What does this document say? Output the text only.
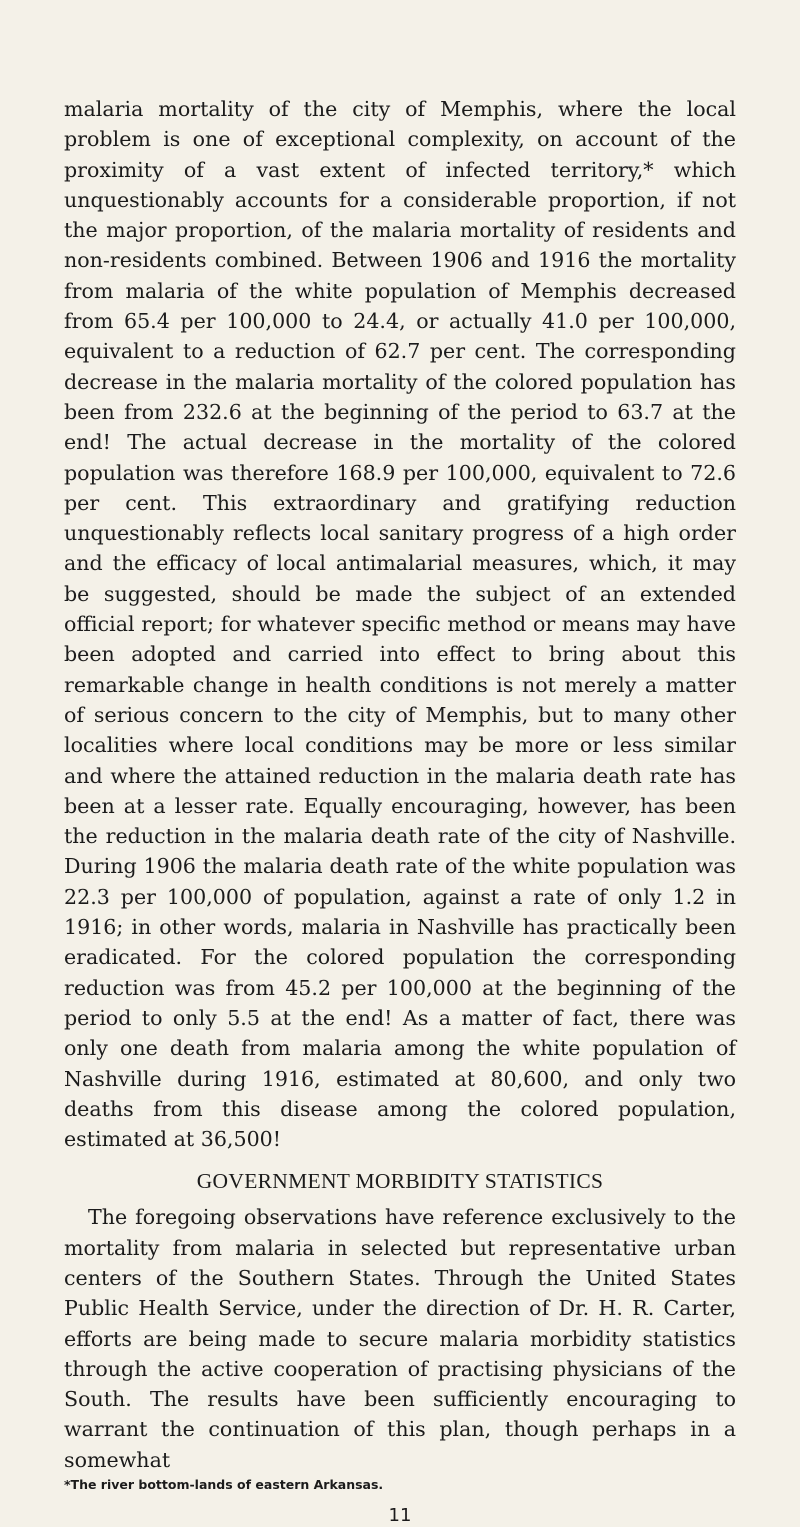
malaria mortality of the city of Memphis, where the local problem is one of exceptional complexity, on account of the proximity of a vast extent of infected territory,* which unquestionably accounts for a considerable proportion, if not the major proportion, of the malaria mortality of residents and non-residents combined. Between 1906 and 1916 the mortality from malaria of the white population of Memphis decreased from 65.4 per 100,000 to 24.4, or actually 41.0 per 100,000, equivalent to a reduction of 62.7 per cent. The corresponding decrease in the malaria mortality of the colored population has been from 232.6 at the beginning of the period to 63.7 at the end! The actual decrease in the mortality of the colored population was therefore 168.9 per 100,000, equivalent to 72.6 per cent. This extraordinary and gratifying reduction unquestionably reflects local sanitary progress of a high order and the efficacy of local antimalarial measures, which, it may be suggested, should be made the subject of an extended official report; for whatever specific method or means may have been adopted and carried into effect to bring about this remarkable change in health conditions is not merely a matter of serious concern to the city of Memphis, but to many other localities where local conditions may be more or less similar and where the attained reduction in the malaria death rate has been at a lesser rate. Equally encouraging, however, has been the reduction in the malaria death rate of the city of Nashville. During 1906 the malaria death rate of the white population was 22.3 per 100,000 of population, against a rate of only 1.2 in 1916; in other words, malaria in Nashville has practically been eradicated. For the colored population the corresponding reduction was from 45.2 per 100,000 at the beginning of the period to only 5.5 at the end! As a matter of fact, there was only one death from malaria among the white population of Nashville during 1916, estimated at 80,600, and only two deaths from this disease among the colored population, estimated at 36,500!

GOVERNMENT MORBIDITY STATISTICS

The foregoing observations have reference exclusively to the mortality from malaria in selected but representative urban centers of the Southern States. Through the United States Public Health Service, under the direction of Dr. H. R. Carter, efforts are being made to secure malaria morbidity statistics through the active cooperation of practising physicians of the South. The results have been sufficiently encouraging to warrant the continuation of this plan, though perhaps in a somewhat

*The river bottom-lands of eastern Arkansas.

11
